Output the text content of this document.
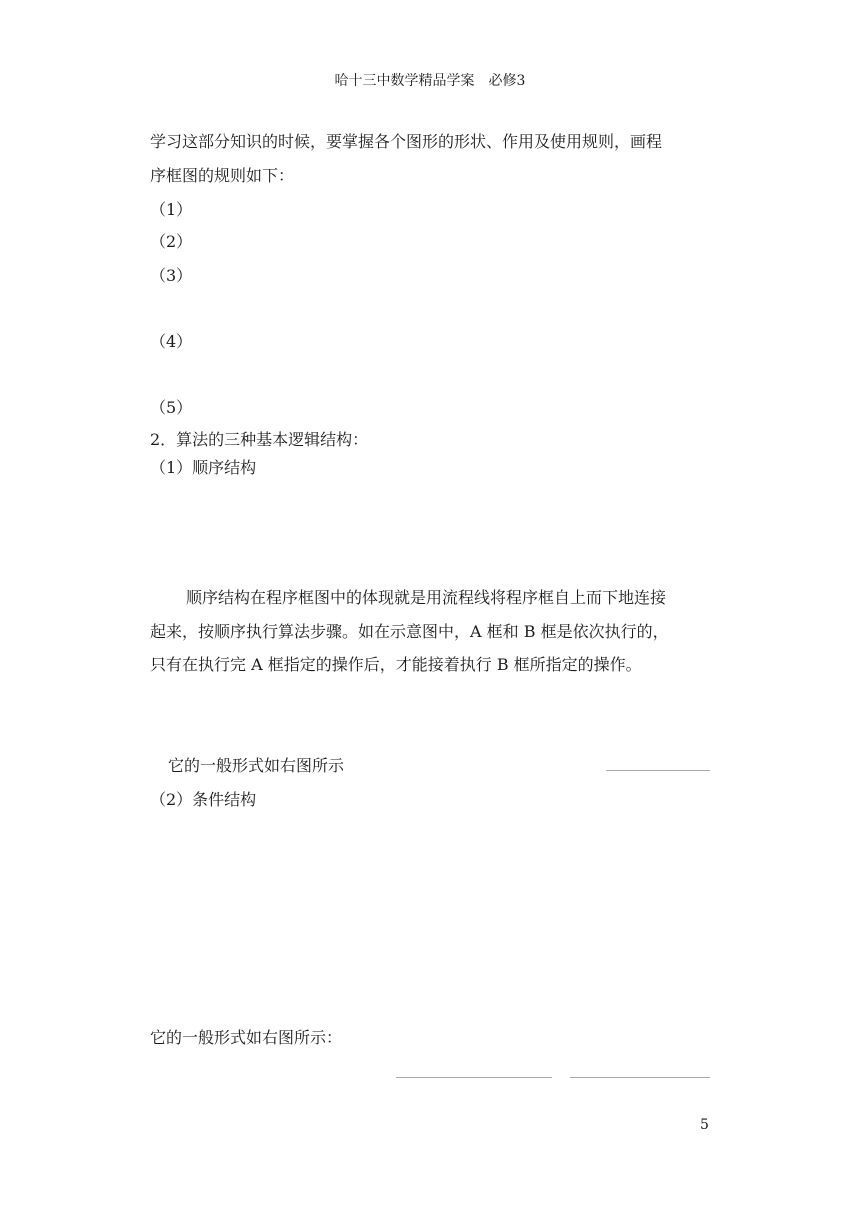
哈十三中数学精品学案　必修3
学习这部分知识的时候，要掌握各个图形的形状、作用及使用规则，画程
序框图的规则如下：
（1）
（2）
（3）
（4）
（5）
2．算法的三种基本逻辑结构：
（1）顺序结构
顺序结构在程序框图中的体现就是用流程线将程序框自上而下地连接
起来，按顺序执行算法步骤。如在示意图中，A 框和 B 框是依次执行的，
只有在执行完 A 框指定的操作后，才能接着执行 B 框所指定的操作。
它的一般形式如右图所示
（2）条件结构
它的一般形式如右图所示：
5
